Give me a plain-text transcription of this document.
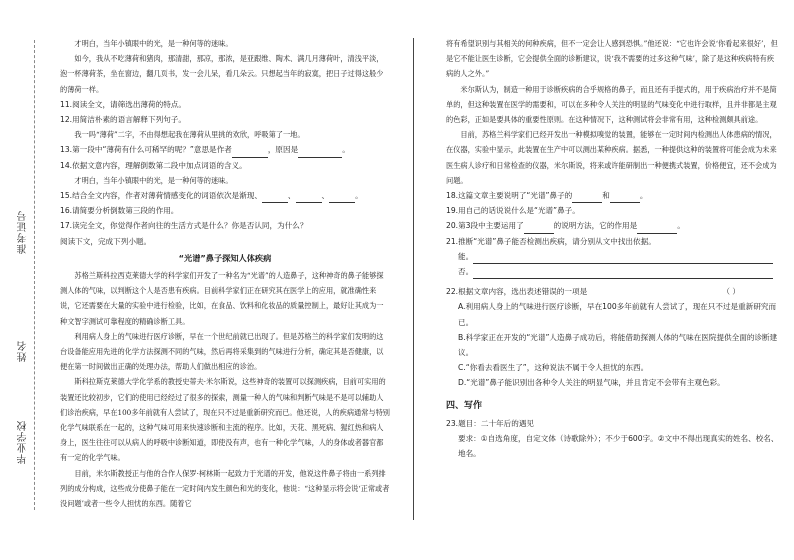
准考证号
姓名
毕业学校

才明白，当年小镇眼中的光，是一种何等的迷味。

如今，我从不吃薄荷和猪肉，那清甜，那凉，那浓，是亚跟维、陶术、满几月薄荷叶，清浅平淡，泡一杯薄荷茶，坐在窗边，翻几页书，发一会儿呆，看几朵云。只想起当年的寂寞，把日子过得这般少的薄荷一样。

11.阅读全文，请筛选出薄荷的特点。

12.用简洁朴素的语言解释下列句子。

我一吗“薄荷”二字，不由得想起我在薄荷从里挑的欢欣，呼吸第了一地。

13.第一段中“薄荷有什么可稀罕的呢？”意思是作者	，原因是	。

14.依据文意内容，理解倒数第二段中加点词语的含义。

才明白，当年小镇眼中的光，是一种何等的迷味。

15.结合全文内容，作者对薄荷情感变化的词语依次是渐现、	、	、	。

16.请简要分析倒数第三段的作用。

17.读完全文，你觉得作者向往的生活方式是什么？你是否认同，为什么？

阅读下文，完成下列小题。

“光谱”鼻子探知人体疾病

苏格兰斯科拉西克莱德大学的科学家们开发了一种名为“光谱”的人造鼻子，这种神奇的鼻子能够探测人体的气味，以判断这个人是否患有疾病。目前科学家们正在研究其在医学上的应用，就准确性来说，它还需要在大量的实验中进行检验，比如，在食品、饮料和化妆品的质量控制上，最好让其成为一种文智字测试可靠程度的精确诊断工具。

利用病人身上的气味进行医疗诊断，早在一个世纪前就已出现了。但是苏格兰的科学家们发明的这台设备能应用先进的化学方法探测不同的气味，然后再将采集到的气味进行分析，确定其是否健康，以便在第一时间做出正确的处理办法，帮助人们做出相应的诊治。

斯科拉斯克莱德大学化学系的教授史蒂夫·米尔斯说，这些神奇的装置可以探测疾病，目前可实用的装置还比较初步，它们的使用已经经过了很多的探索，测量一种人的气味和判断气味是不是可以辅助人们诊治疾病，早在100多年前就有人尝试了，现在只不过是重新研究而已。他还说，人的疾病通常与特别化学气味联系在一起的，这种气味可用来快速诊断和主流的程序。比如，天花、黑死病、猩红热和病人身上，医生往往可以从病人的呼吸中诊断知道，即使没有声，也有一种化学气味，人的身体或者器官都有一定的化学气味。

目前，米尔斯教授正与他的合作人保罗·柯林斯一起致力于光谱的开发，他说这件鼻子将由一系列排列的成分构成，这些成分使鼻子能在一定时间内发生颜色和光的变化，他说：“这种显示将会说‘正常或者没问题’或者一些令人担忧的东西。随着它

将有希望识别与其相关的何种疾病，但不一定会让人感到恐惧。”他还说：“它也许会说‘你看起来很好’，但是它不能让医生诊断，它会提供全面的诊断建议，说‘我不需要的过多这种气味’，除了是这种疾病特有疾病的人之外。”

米尔斯认为，制造一种用于诊断疾病的合乎规格的鼻子，而且还有手提式的，用于疾病治疗并不是简单的，但这种装置在医学的需要和，可以在多种令人关注的明显的气味变化中进行取样，且并非都是主观的色彩，正如是要具体的重要性原则。在这种情况下，这种测试将会非常有用，这种检测颇具前途。

目前，苏格兰科学家们已经开发出一种模拟嗅觉的装置，能够在一定时间内检测出人体患病的情况，在仪器，实验中显示，此装置在生产中可以测出某种疾病。据悉，一种提供这种的装置将可能会成为未来医生病人诊疗和日常检查的仪器，米尔斯说，将来或许能研制出一种便携式装置，价格便宜，还不会成为问题。

18.这篇文章主要说明了“光谱”鼻子的	和	。

19.用自己的话说说什么是“光谱”鼻子。

20.第3段中主要运用了	的说明方法，它的作用是	。

21.推断“光谱”鼻子能否检测出疾病，请分别从文中找出依据。

能。

否。

22.根据文章内容，选出表述错误的一项是	（ ）

A.利用病人身上的气味进行医疗诊断，早在100多年前就有人尝试了，现在只不过是重新研究而已。

B.科学家正在开发的“光谱”人造鼻子成功后，将能借助探测人体的气味在医院提供全面的诊断建议。

C.“你看去看医生了”，这种说法不属于令人担忧的东西。

D.“光谱”鼻子能识别出各种令人关注的明显气味，并且肯定不会带有主观色彩。

四、写作

23.题目：二十年后的遇见

要求：①自选角度，自定文体（诗歌除外）；不少于600字。②文中不得出现真实的姓名、校名、地名。
